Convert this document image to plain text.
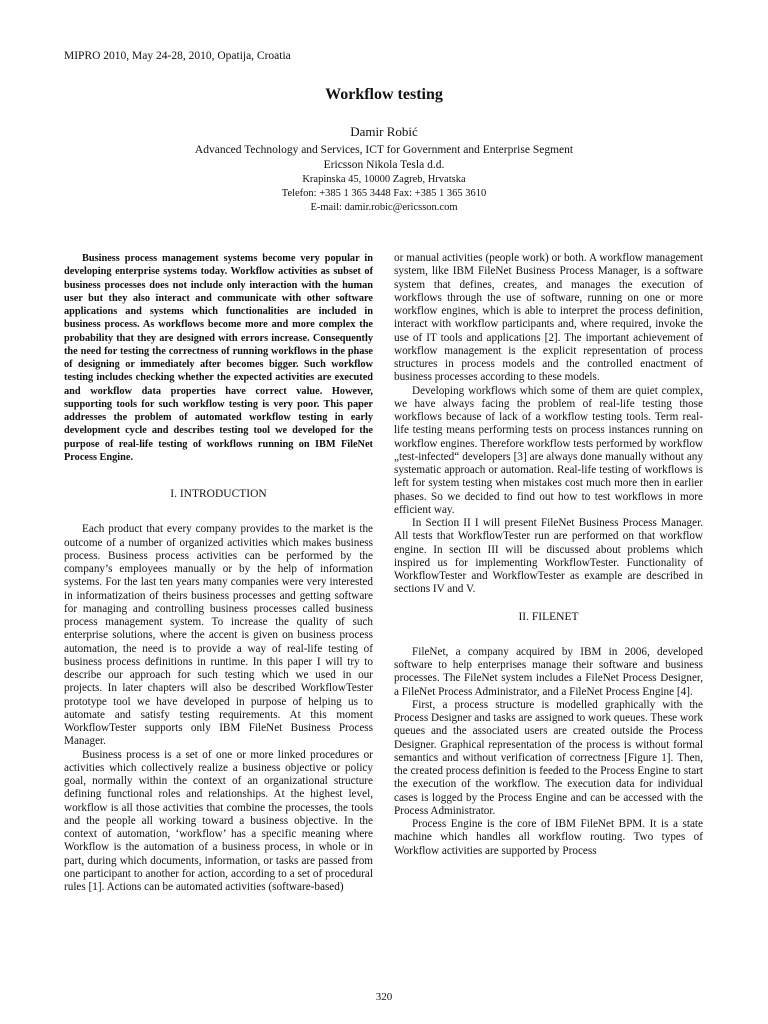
MIPRO 2010, May 24-28, 2010, Opatija, Croatia
Workflow testing
Damir Robić
Advanced Technology and Services, ICT for Government and Enterprise Segment
Ericsson Nikola Tesla d.d.
Krapinska 45, 10000 Zagreb, Hrvatska
Telefon: +385 1 365 3448 Fax: +385 1 365 3610
E-mail: damir.robic@ericsson.com

Business process management systems become very popular in developing enterprise systems today. Workflow activities as subset of business processes does not include only interaction with the human user but they also interact and communicate with other software applications and systems which functionalities are included in business process. As workflows become more and more complex the probability that they are designed with errors increase. Consequently the need for testing the correctness of running workflows in the phase of designing or immediately after becomes bigger. Such workflow testing includes checking whether the expected activities are executed and workflow data properties have correct value. However, supporting tools for such workflow testing is very poor. This paper addresses the problem of automated workflow testing in early development cycle and describes testing tool we developed for the purpose of real-life testing of workflows running on IBM FileNet Process Engine.

I. INTRODUCTION

Each product that every company provides to the market is the outcome of a number of organized activities which makes business process. Business process activities can be performed by the company’s employees manually or by the help of information systems. For the last ten years many companies were very interested in informatization of theirs business processes and getting software for managing and controlling business processes called business process management system. To increase the quality of such enterprise solutions, where the accent is given on business process automation, the need is to provide a way of real-life testing of business process definitions in runtime. In this paper I will try to describe our approach for such testing which we used in our projects. In later chapters will also be described WorkflowTester prototype tool we have developed in purpose of helping us to automate and satisfy testing requirements. At this moment WorkflowTester supports only IBM FileNet Business Process Manager.

Business process is a set of one or more linked procedures or activities which collectively realize a business objective or policy goal, normally within the context of an organizational structure defining functional roles and relationships. At the highest level, workflow is all those activities that combine the processes, the tools and the people all working toward a business objective. In the context of automation, ‘workflow’ has a specific meaning where Workflow is the automation of a business process, in whole or in part, during which documents, information, or tasks are passed from one participant to another for action, according to a set of procedural rules [1]. Actions can be automated activities (software-based)

or manual activities (people work) or both. A workflow management system, like IBM FileNet Business Process Manager, is a software system that defines, creates, and manages the execution of workflows through the use of software, running on one or more workflow engines, which is able to interpret the process definition, interact with workflow participants and, where required, invoke the use of IT tools and applications [2]. The important achievement of workflow management is the explicit representation of process structures in process models and the controlled enactment of business processes according to these models.

Developing workflows which some of them are quiet complex, we have always facing the problem of real-life testing those workflows because of lack of a workflow testing tools. Term real-life testing means performing tests on process instances running on workflow engines. Therefore workflow tests performed by workflow „test-infected“ developers [3] are always done manually without any systematic approach or automation. Real-life testing of workflows is left for system testing when mistakes cost much more then in earlier phases. So we decided to find out how to test workflows in more efficient way.

In Section II I will present FileNet Business Process Manager. All tests that WorkflowTester run are performed on that workflow engine. In section III will be discussed about problems which inspired us for implementing WorkflowTester. Functionality of WorkflowTester and WorkflowTester as example are described in sections IV and V.

II. FILENET

FileNet, a company acquired by IBM in 2006, developed software to help enterprises manage their software and business processes. The FileNet system includes a FileNet Process Designer, a FileNet Process Administrator, and a FileNet Process Engine [4].

First, a process structure is modelled graphically with the Process Designer and tasks are assigned to work queues. These work queues and the associated users are created outside the Process Designer. Graphical representation of the process is without formal semantics and without verification of correctness [Figure 1]. Then, the created process definition is feeded to the Process Engine to start the execution of the workflow. The execution data for individual cases is logged by the Process Engine and can be accessed with the Process Administrator.

Process Engine is the core of IBM FileNet BPM. It is a state machine which handles all workflow routing. Two types of Workflow activities are supported by Process

320
